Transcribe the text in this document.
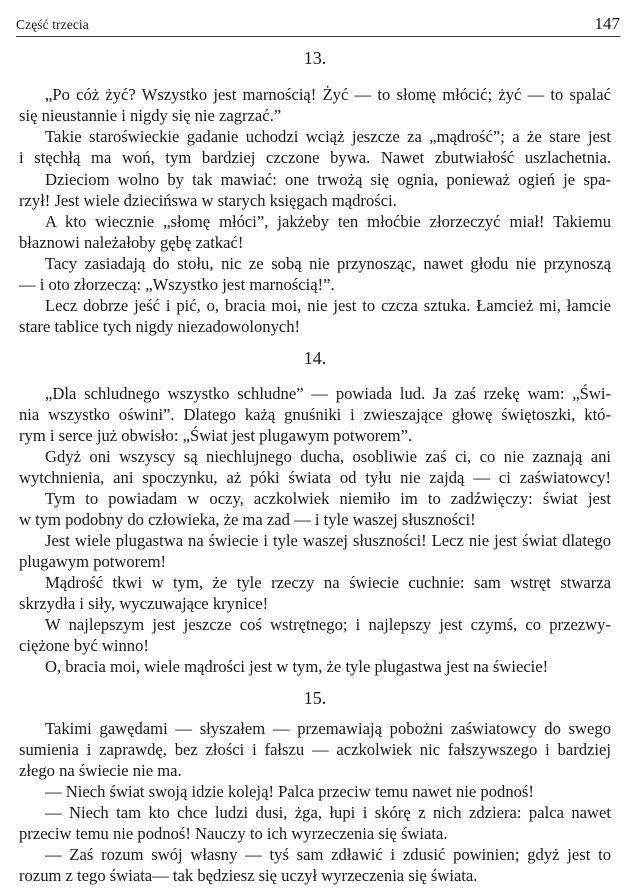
Część trzecia	147
13.
„Po cóż żyć? Wszystko jest marnością! Żyć — to słomę młócić; żyć — to spalać
się nieustannie i nigdy się nie zagrzać.”
Takie staroświeckie gadanie uchodzi wciąż jeszcze za „mądrość”; a że stare jest
i stęchłą ma woń, tym bardziej czczone bywa. Nawet zbutwiałość uszlachetnia.
Dzieciom wolno by tak mawiać: one trwożą się ognia, ponieważ ogień je spa-
rzył! Jest wiele dziecińswa w starych księgach mądrości.
A kto wiecznie „słomę młóci”, jakżeby ten młoćbie złorzeczyć miał! Takiemu
błaznowi należałoby gębę zatkać!
Tacy zasiadają do stołu, nic ze sobą nie przynosząc, nawet głodu nie przynoszą
— i oto złorzeczą: „Wszystko jest marnością!”.
Lecz dobrze jeść i pić, o, bracia moi, nie jest to czcza sztuka. Łamcież mi, łamcie
stare tablice tych nigdy niezadowolonych!
14.
„Dla schludnego wszystko schludne” — powiada lud. Ja zaś rzekę wam: „Świ-
nia wszystko oświni”. Dlatego każą gnuśniki i zwieszające głowę świętoszki, któ-
rym i serce już obwisło: „Świat jest plugawym potworem”.
Gdyż oni wszyscy są niechlujnego ducha, osobliwie zaś ci, co nie zaznają ani
wytchnienia, ani spoczynku, aż póki świata od tyłu nie zajdą — ci zaświatowcy!
Tym to powiadam w oczy, aczkolwiek niemiło im to zadźwięczy: świat jest
w tym podobny do człowieka, że ma zad — i tyle waszej słuszności!
Jest wiele plugastwa na świecie i tyle waszej słuszności! Lecz nie jest świat dlatego
plugawym potworem!
Mądrość tkwi w tym, że tyle rzeczy na świecie cuchnie: sam wstręt stwarza
skrzydła i siły, wyczuwające krynice!
W najlepszym jest jeszcze coś wstrętnego; i najlepszy jest czymś, co przezwy-
ciężone być winno!
O, bracia moi, wiele mądrości jest w tym, że tyle plugastwa jest na świecie!
15.
Takimi gawędami — słyszałem — przemawiają pobożni zaświatowcy do swego
sumienia i zaprawdę, bez złości i fałszu — aczkolwiek nic fałszywszego i bardziej
złego na świecie nie ma.
— Niech świat swoją idzie koleją! Palca przeciw temu nawet nie podnoś!
— Niech tam kto chce ludzi dusi, żga, łupi i skórę z nich zdziera: palca nawet
przeciw temu nie podnoś! Nauczy to ich wyrzeczenia się świata.
— Zaś rozum swój własny — tyś sam zdławić i zdusić powinien; gdyż jest to
rozum z tego świata— tak będziesz się uczył wyrzeczenia się świata.
